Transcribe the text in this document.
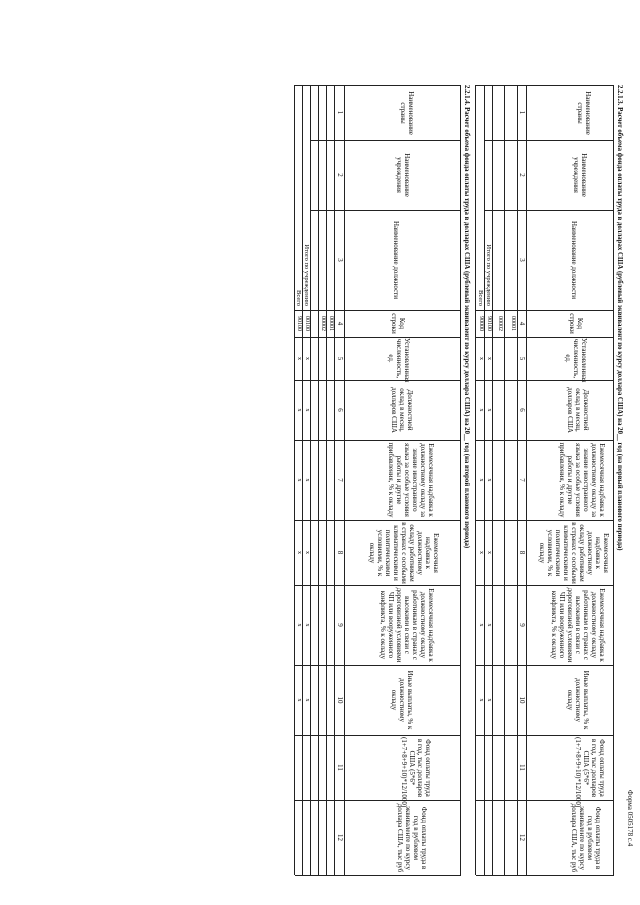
Форма 0505178 с.4
2.2.1.3. Расчет объема фонда оплаты труда в долларах США (рублевый эквивалент по курсу доллара США) на 20__ год (на первый планового периода)
Наименование страны
Наименование учреждения
Наименование должности
Код строки
Установленная численность, ед.
Должностной оклад в месяц, долларов США
Ежемесячная надбавка к должностному окладу за знание иностранного языка за особые условия работы и другие прибавления, % к окладу
Ежемесячная надбавка к должностному окладу работникам в странах с особыми климатическими и политическими условиями, % к окладу
Ежемесячная надбавка к должностному окладу работникам в странах с высокими в связи с дороговизной условиями ЧП или вооруженного конфликта, % к окладу
Иные выплаты, % к должностному окладу
Фонд оплаты труда в год, тыс долларов США (5*6*(1+7+8+9+10)*12/1000)
Фонд оплаты труда в год в рублевом эквиваленте по курсу доллара США, тыс руб
1
2
3
4
5
6
7
8
9
10
11
12
00001
00002
90100
90000
Итого по учреждению
Всего
x
x
x
x
x
x
x
x
x
x
x
x
2.2.1.4. Расчет объема фонда оплаты труда в долларах США (рублевый эквивалент по курсу доллара США) на 20__ год (на второй планового периода)
Наименование страны
Наименование учреждения
Наименование должности
Код строки
Установленная численность, ед.
Должностной оклад в месяц, долларов США
Ежемесячная надбавка к должностному окладу за знание иностранного языка за особые условия работы и другие прибавления, % к окладу
Ежемесячная надбавка к должностному окладу работникам в странах с особыми климатическими и политическими условиями, % к окладу
Ежемесячная надбавка к должностному окладу работникам в странах с высокими в связи с дороговизной условиями ЧП или вооруженного конфликта, % к окладу
Иные выплаты, % к должностному окладу
Фонд оплаты труда в год, тыс долларов США (5*6*(1+7+8+9+10)*12/1000)
Фонд оплаты труда в год в рублевом эквиваленте по курсу доллара США, тыс руб
1
2
3
4
5
6
7
8
9
10
11
12
00001
00002
00100
90100
Итого по учреждению
Всего
x
x
x
x
x
x
x
x
x
x
x
x
